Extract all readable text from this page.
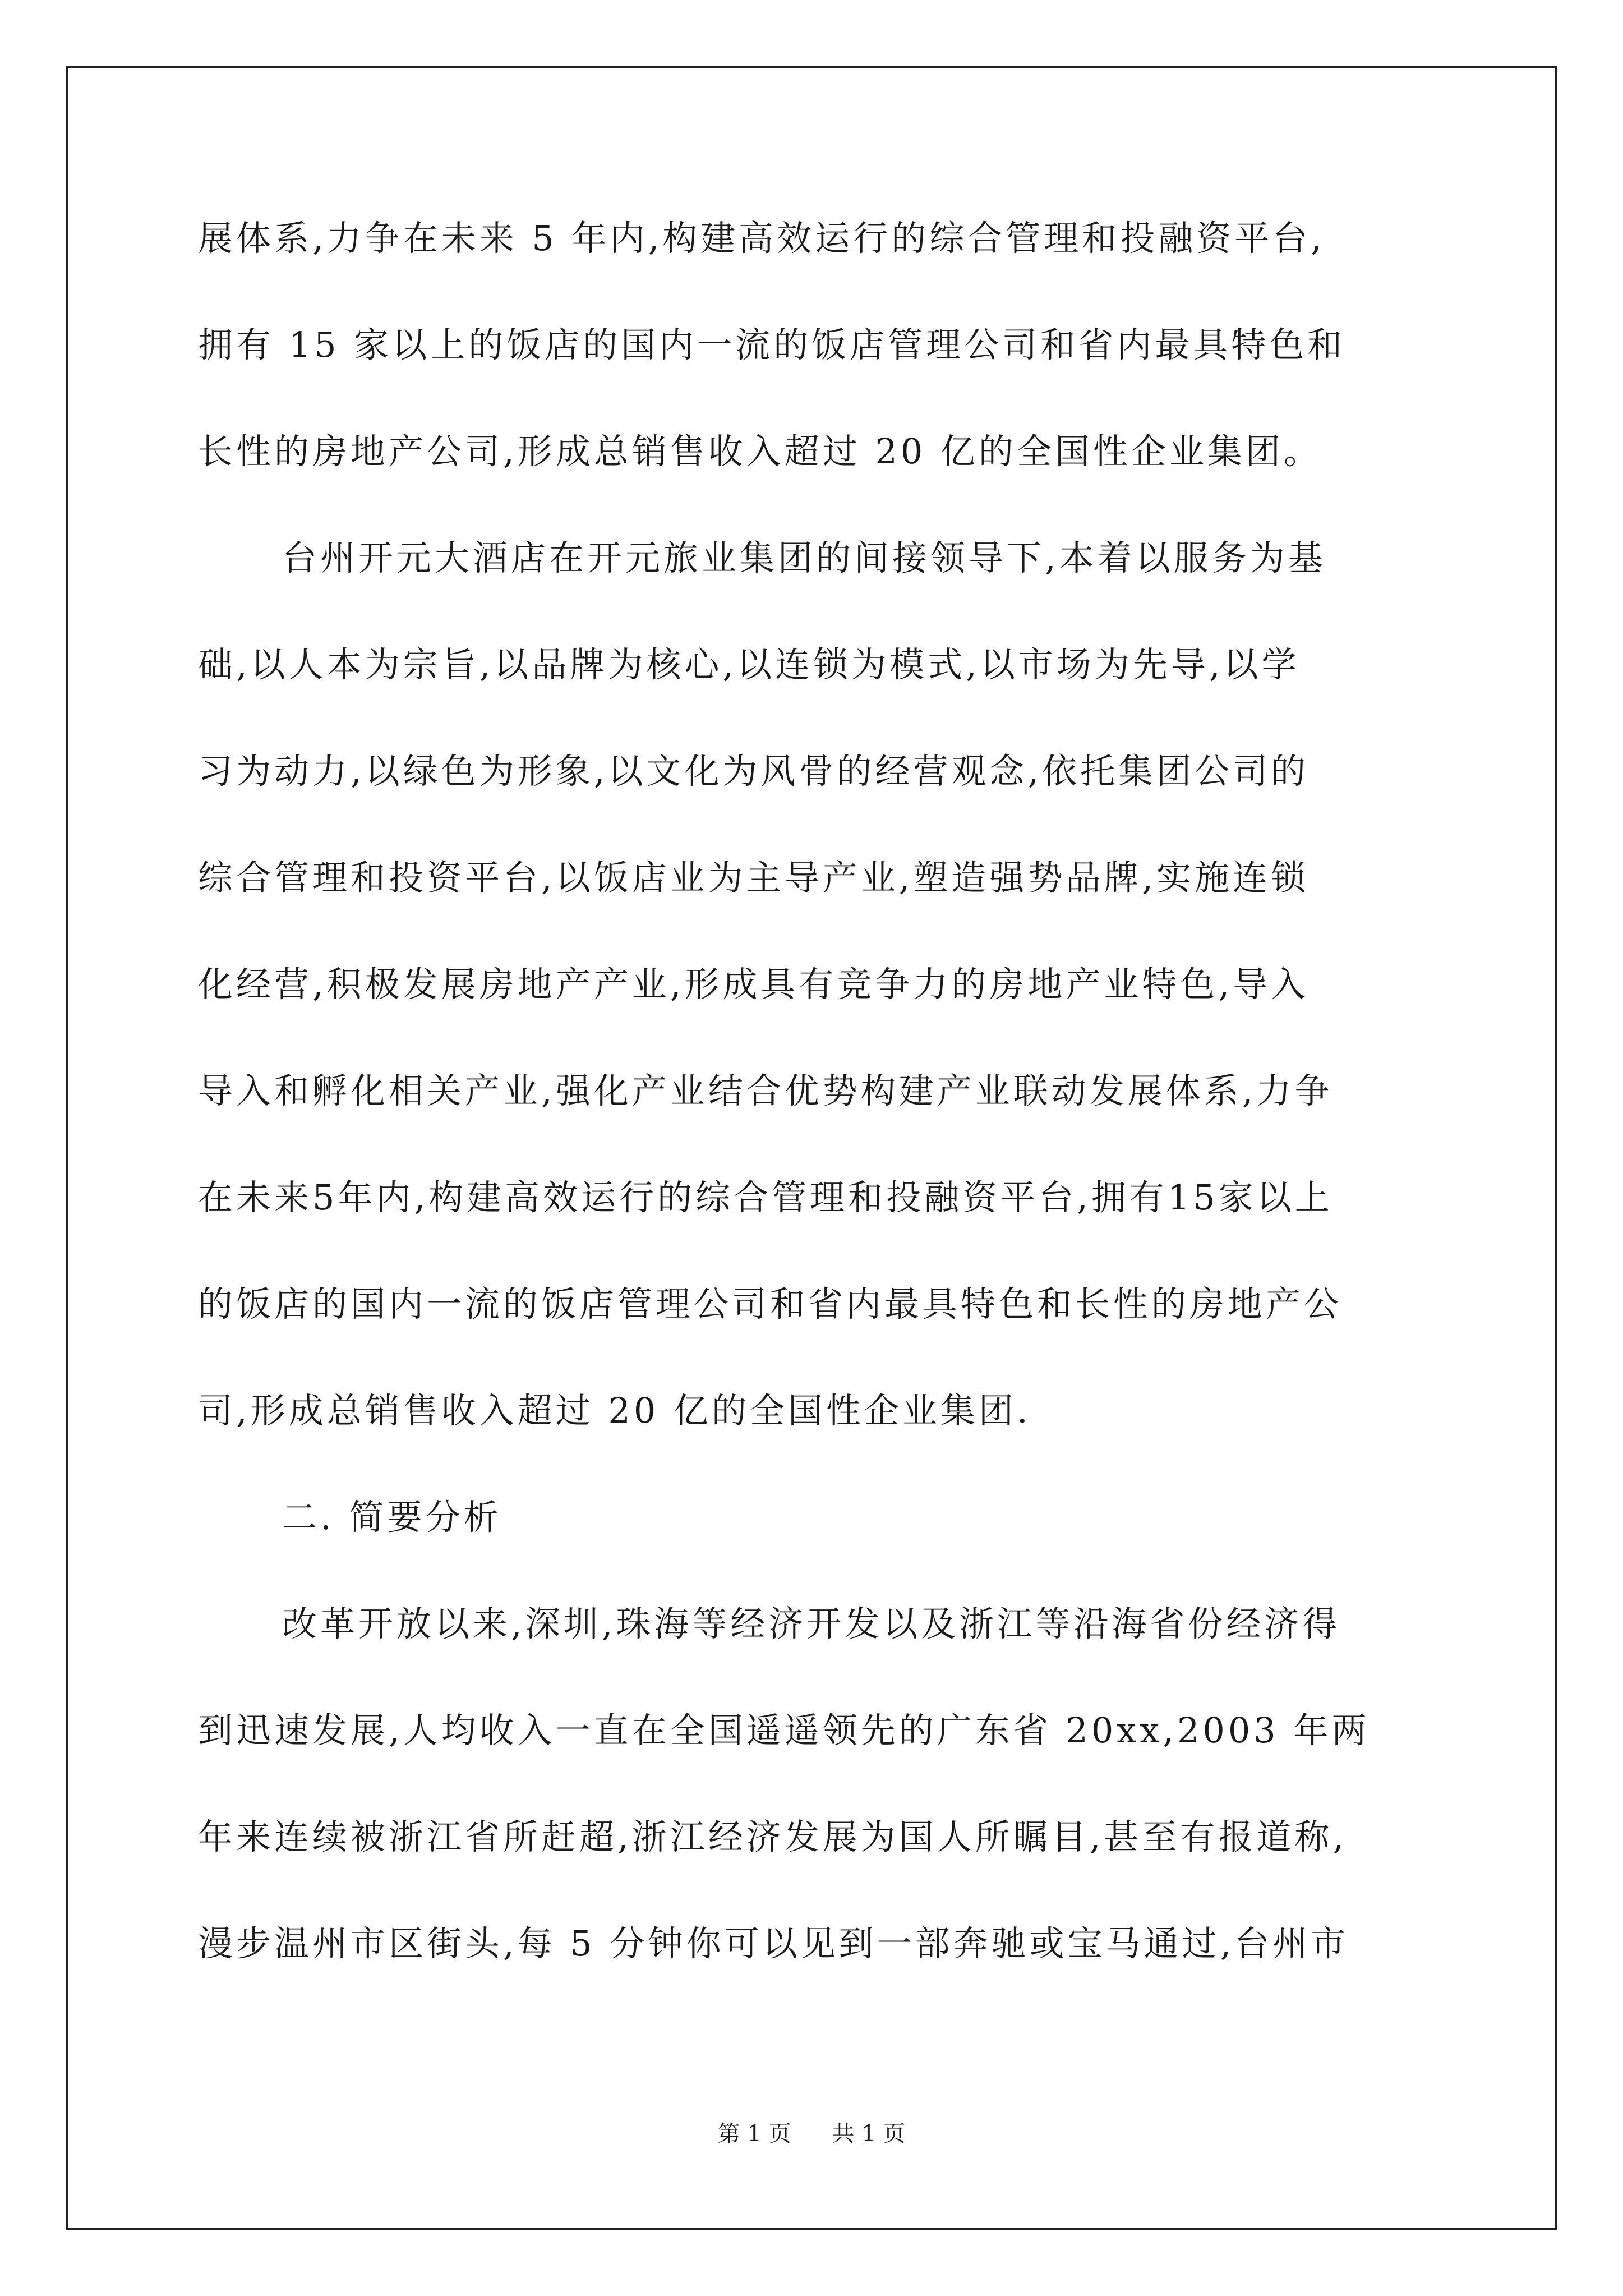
展体系,力争在未来 5 年内,构建高效运行的综合管理和投融资平台,
拥有 15 家以上的饭店的国内一流的饭店管理公司和省内最具特色和
长性的房地产公司,形成总销售收入超过 20 亿的全国性企业集团。
台州开元大酒店在开元旅业集团的间接领导下,本着以服务为基
础,以人本为宗旨,以品牌为核心,以连锁为模式,以市场为先导,以学
习为动力,以绿色为形象,以文化为风骨的经营观念,依托集团公司的
综合管理和投资平台,以饭店业为主导产业,塑造强势品牌,实施连锁
化经营,积极发展房地产产业,形成具有竞争力的房地产业特色,导入
导入和孵化相关产业,强化产业结合优势构建产业联动发展体系,力争
在未来5年内,构建高效运行的综合管理和投融资平台,拥有15家以上
的饭店的国内一流的饭店管理公司和省内最具特色和长性的房地产公
司,形成总销售收入超过 20 亿的全国性企业集团.
二. 简要分析
改革开放以来,深圳,珠海等经济开发以及浙江等沿海省份经济得
到迅速发展,人均收入一直在全国遥遥领先的广东省 20xx,2003 年两
年来连续被浙江省所赶超,浙江经济发展为国人所瞩目,甚至有报道称,
漫步温州市区街头,每 5 分钟你可以见到一部奔驰或宝马通过,台州市
第 1 页 共 1 页
